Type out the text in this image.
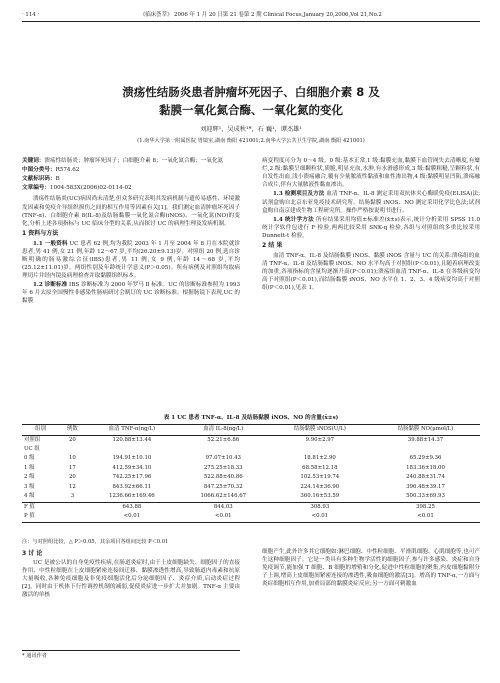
· 114 ·	《临床荟萃》 2006 年 1 月 20 日第 21 卷第 2 期 Clinical Focus,January 20,2006,Vol 21,No.2
溃疡性结肠炎患者肿瘤坏死因子、白细胞介素 8 及
黏膜一氧化氮合酶、一氧化氮的变化
刘迎辉¹，吴成秋¹*，石 巍¹，谭杰雄¹
(1.南华大学第一附属医院 胃镜室,湖南 衡阳 421001;2.南华大学公共卫生学院,湖南 衡阳 421001)

关键词：溃疡性结肠炎；肿瘤坏死因子；白细胞介素 8；一氧化氮合酶；一氧化氮

中图分类号：R574.62

文献标识码：B

文章编号：1004-583X(2006)02-0114-02

溃疡性结肠炎(UC)病因尚未清楚,但众多研究表明其发病机制与遗传易感性、环境激发因素和免疫介导组织损伤之间的相互作用等因素有关[1]。我们测定血清肿瘤坏死因子(TNF-α)、白细胞介素 8(IL-8)及结肠黏膜一氧化氮合酶(iNOS)、一氧化氮(NO)的变化,分析上述各项指标与 UC 临床分型的关系,从而探讨 UC 的病理生理及发病机制。

1 资料与方法

1.1 一般资料 UC 患者 62 例,均为我院 2003 年 1 月至 2004 年 8 月在本院就诊患者,男 41 例,女 21 例,年龄 12～67 岁,平均(26.20±9.13)岁。对照组 20 例,选自诊断明确的肠易激综合征(IBS)患者,男 11 例,女 9 例,年龄 14～68 岁,平均(25.12±11.01)岁。两组性别及年龄统计学意义(P＞0.05)。所有病例及对照组均取病理切片并经内镜及病理检查并取黏膜组织标本。

1.2 诊断标准 IBS 诊断标准为 2000 年罗马 Ⅱ 标准。UC 的诊断标准参照为 1993 年 6 月太原全国慢性非感染性肠病研讨会制订的 UC 诊断标准。根据肠镜下表现,UC 的黏膜

病变程度可分为 0～4 级。0 级:基本正常,1 级:黏膜充血,黏膜下血管网失去清晰度,有糜烂,2 级:黏膜呈细颗粒状,质脆,明显充血,水肿,有水滑感形成,3 级:黏膜粗糙,呈颗粒状,有自发性出血,浅小溃疡融合,覆有少量脓液性黏液和血性渗出物,4 级:黏膜明显凹陷,溃疡融合成片,伴有大量脓液性黏血渗出。

1.3 检测项目及方法 血清 TNF-α、IL-8 测定采用双抗体夹心酶联免疫(ELISA)法;试剂盒购自北京东亚免疫技术研究所。结肠黏膜 iNOS、NO 测定采用化学比色法;试剂盒购自南京建成生物工程研究所。操作严格按说明书进行。

1.4 统计学方法 所有结果采用均值±标准差(x̄±s)表示,统计分析采用 SPSS 11.0 统计学软件包进行 F 检验,两两比较采用 SNK-q 检验,各组与对照组的多重比较采用 Dunnett-t 检验。

2 结 果

血清 TNF-α、IL-8 及结肠黏膜 iNOS、黏膜 iNOS 含量与 UC 的关系:溃疡组的血清 TNF-α、IL-8 及结肠黏膜 iNOS、NO 水平均高于对照组(P＜0.01),且随着病理改变的加重,各项指标的含量均逐渐升高(P＜0.01);溃疡组血清 TNF-α、IL-8 在各级病变均高于对照组(P＜0.01),而结肠黏膜 iNOS、NO 水平在 1、2、3、4 级病变均高于对照组(P＜0.01),见表 1。

表 1 UC 患者 TNF-α、IL-8 及结肠黏膜 iNOS、NO 的含量(x̄±s)
组别	例数	血清 TNF-α(ng/L)	血清 IL-8(ng/L)	结肠黏膜 iNOS(U/L)	结肠黏膜 NO(μmol/L)
对照组	20	120.88±13.44	52.21±6.86	9.90±2.97	39.88±14.37
UC 组					
0 级	10	194.91±10.10	97.07±10.43	18.81±2.90	65.29±9.36
1 级	17	412.59±34.10	275.25±18.33	68.58±12.18	183.36±18.00
2 级	20	742.25±17.96	522.88±40.86	102.53±19.74	240.88±31.74
3 级	12	843.92±66.11	847.25±70.32	224.14±36.90	396.48±39.17
4 级	3	1236.66±169.46	1066.62±146.67	360.16±53.59	500.33±69.93
F 值		643.88	844.03	308.93	398.25
P 值		<0.01	<0.01	<0.01	<0.01
注：与对照组比较，△ P＞0.05，其余项目各组间比较 P＜0.01

3 讨 论

UC 是被公认的自身免疫性疾病,在肠道炎症时,由于上皮细胞缺失、细胞因子的直接作用、中性粒细胞在上皮细胞紧密连接间迁移、黏膜渗透性增高,导致肠道内毒素和抗原大量吸收,各种免疫细胞及非免疫细胞活化后分泌细胞因子、炎症介质,启动炎症过程[2]。同时由于机体下行性调控机制的减弱,促使炎症进一步扩大并加剧。TNF-α 主要由激活的单核

细胞产生,此外许多其它细胞如:淋巴细胞、中性粒细胞、平滑肌细胞、心肌细胞等,也可产生这种细胞因子。它是一类具有多种生物学活性的细胞因子,参与许多感染、炎症和自身免疫调节,能加强 T 细胞、B 细胞的增殖和分化,促进中性粒细胞的聚集,内皮细胞黏附分子上调,增高上皮细胞间紧密连接的渗透性,吸血细胞的激活[3]。增高的 TNF-α,一方面与炎症细胞相互作用,加重局部的黏膜炎症反应;另一方面可刺激血

* 通讯作者
